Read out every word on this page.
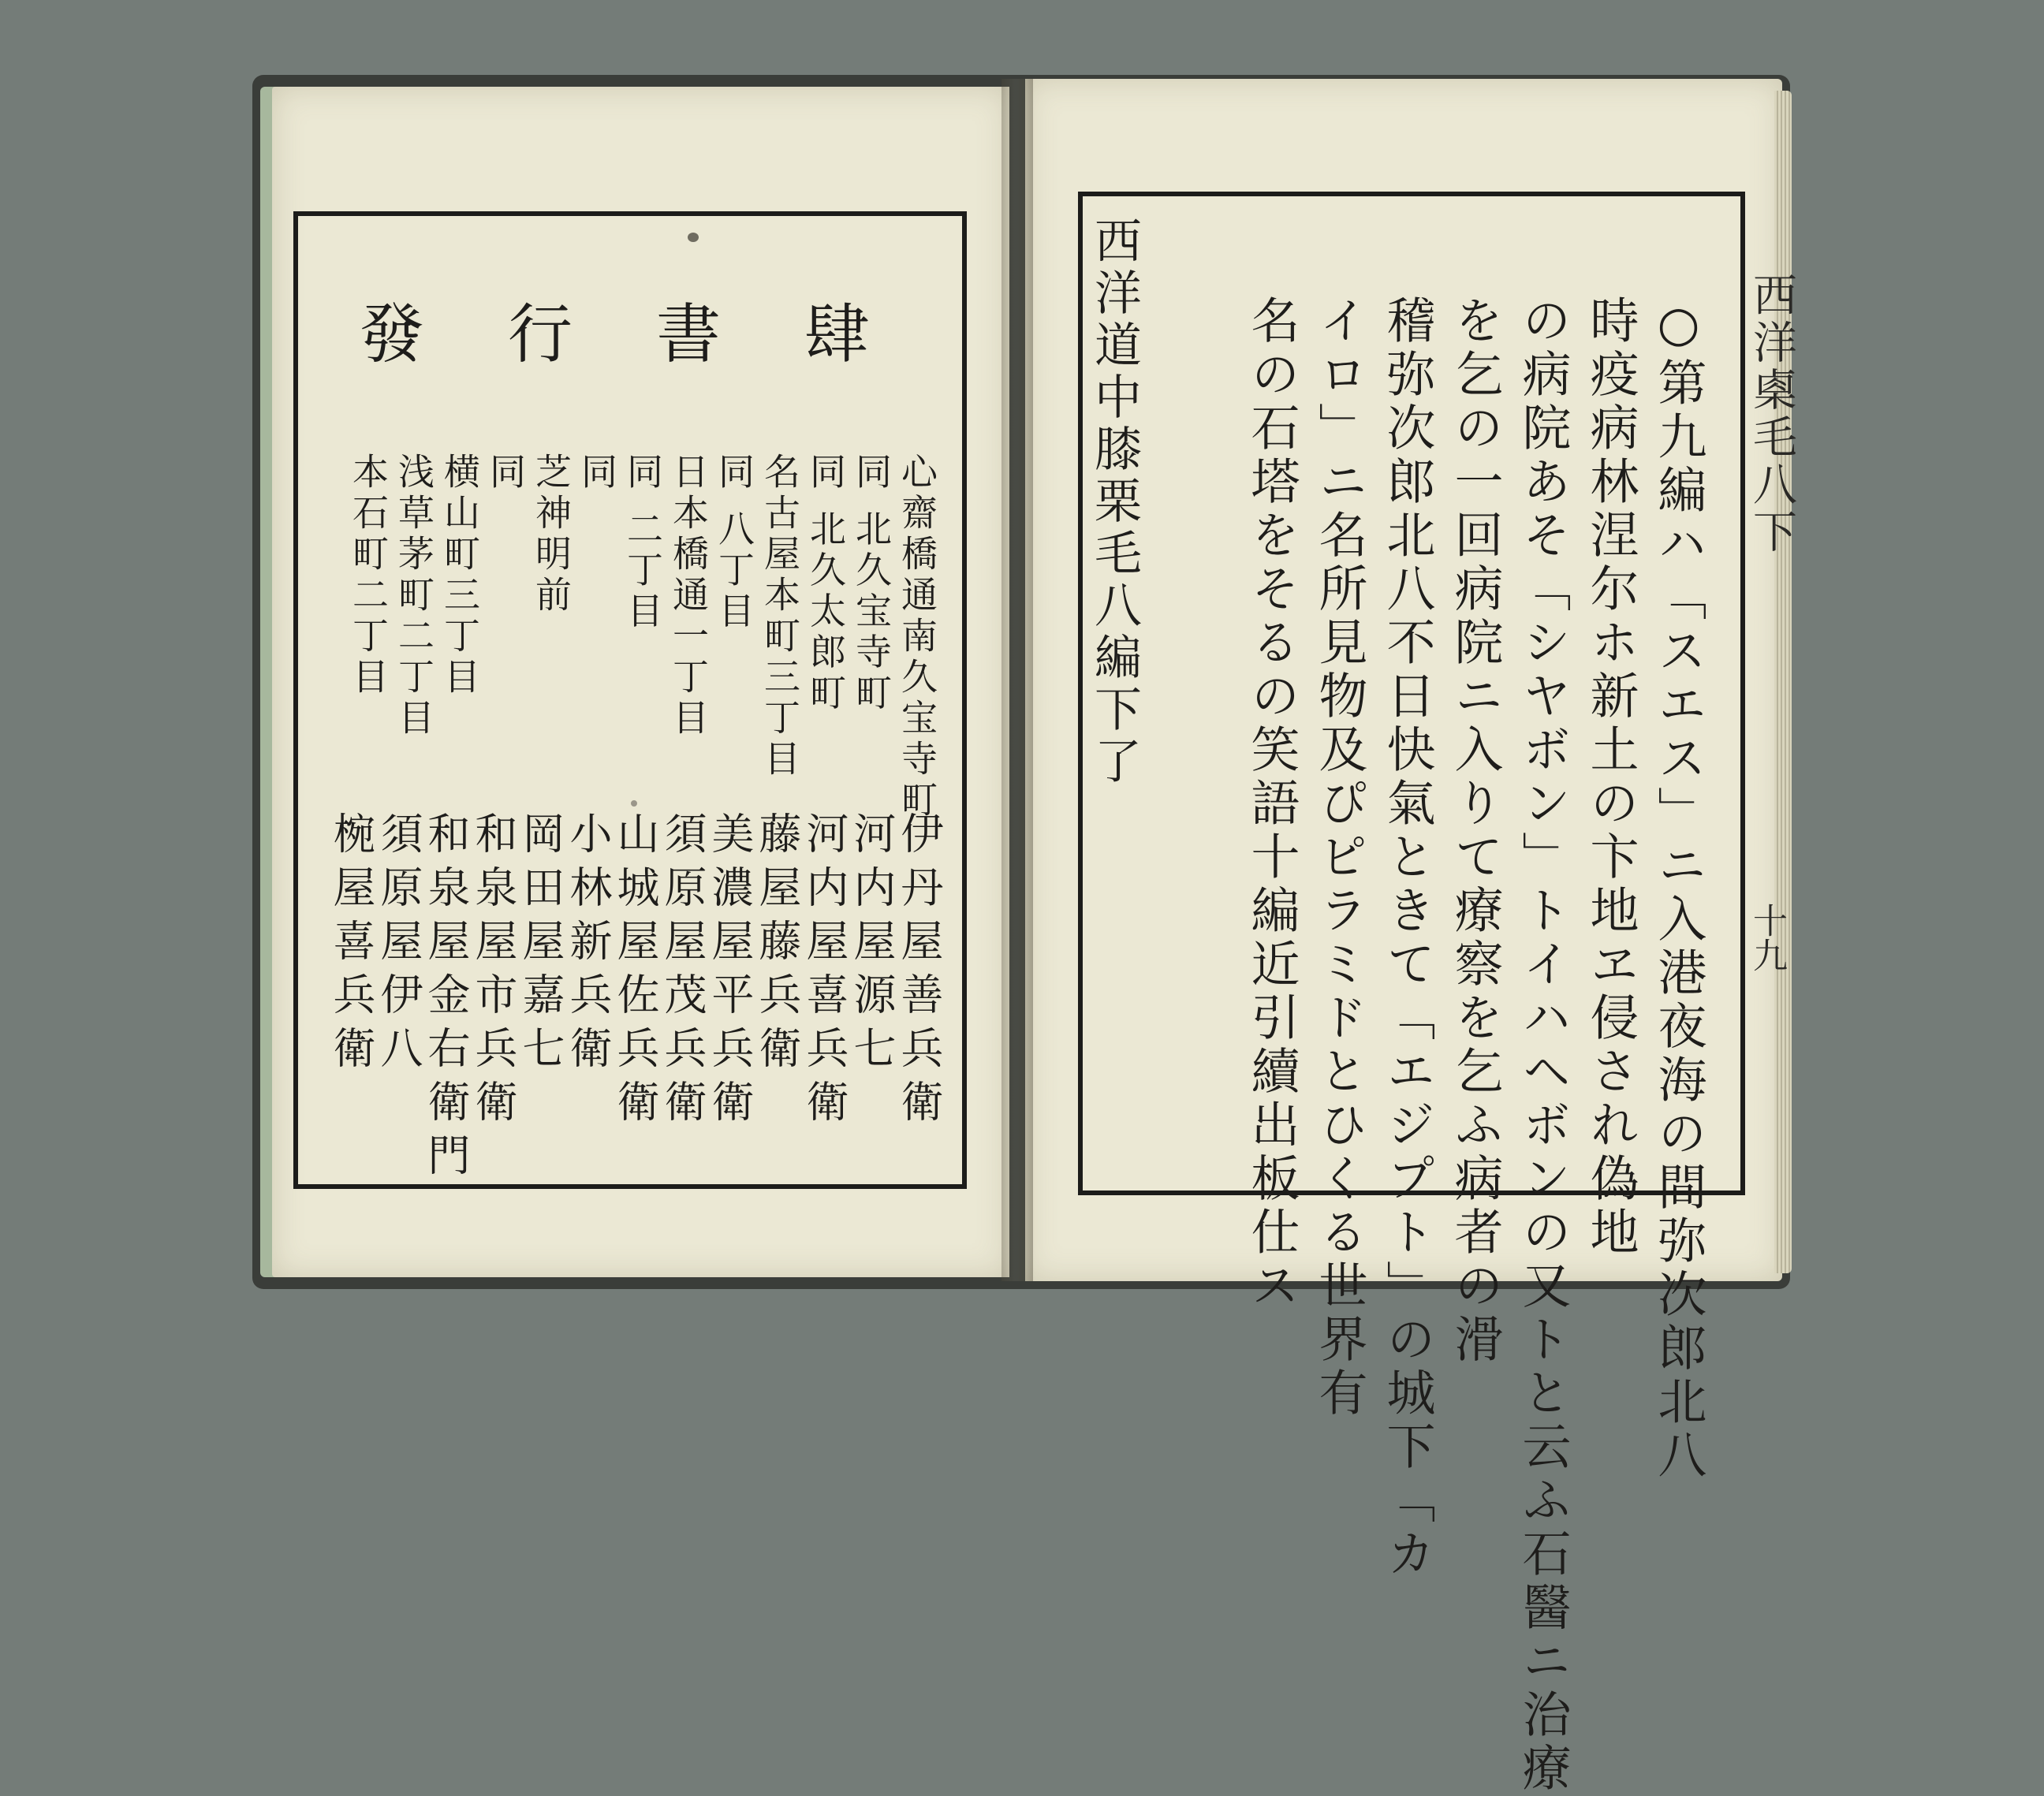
發 行 書 肆
心齋橋通南久宝寺町
同 北久宝寺町
同 北久太郎町
名古屋本町三丁目
同 八丁目
日本橋通一丁目
同 二丁目
同
芝神明前
同
横山町三丁目
浅草茅町二丁目
本石町二丁目
伊丹屋善兵衛
河内屋源七
河内屋喜兵衛
藤屋藤兵衛
美濃屋平兵衛
須原屋茂兵衛
山城屋佐兵衛
小林新兵衛
岡田屋嘉七
和泉屋市兵衛
和泉屋金右衛門
須原屋伊八
椀屋喜兵衛
西洋㮚毛八下
十九
○第九編ハ「スエス」ニ入港夜海の間弥次郎北八
時疫病林涅尔ホ新土の卞地ヱ侵され偽地
の病院あそ「シヤボン」トイハヘボンの又トと云ふ石醫ニ治療
を乞の一回病院ニ入りて療察を乞ふ病者の滑
稽弥次郎北八不日快氣ときて「エジプト」の城下「カ
イロ」ニ名所見物及ぴピラミドとひくる世界有
名の石塔をそるの笑語十編近引續出板仕ス
西洋道中膝栗毛八編下了
